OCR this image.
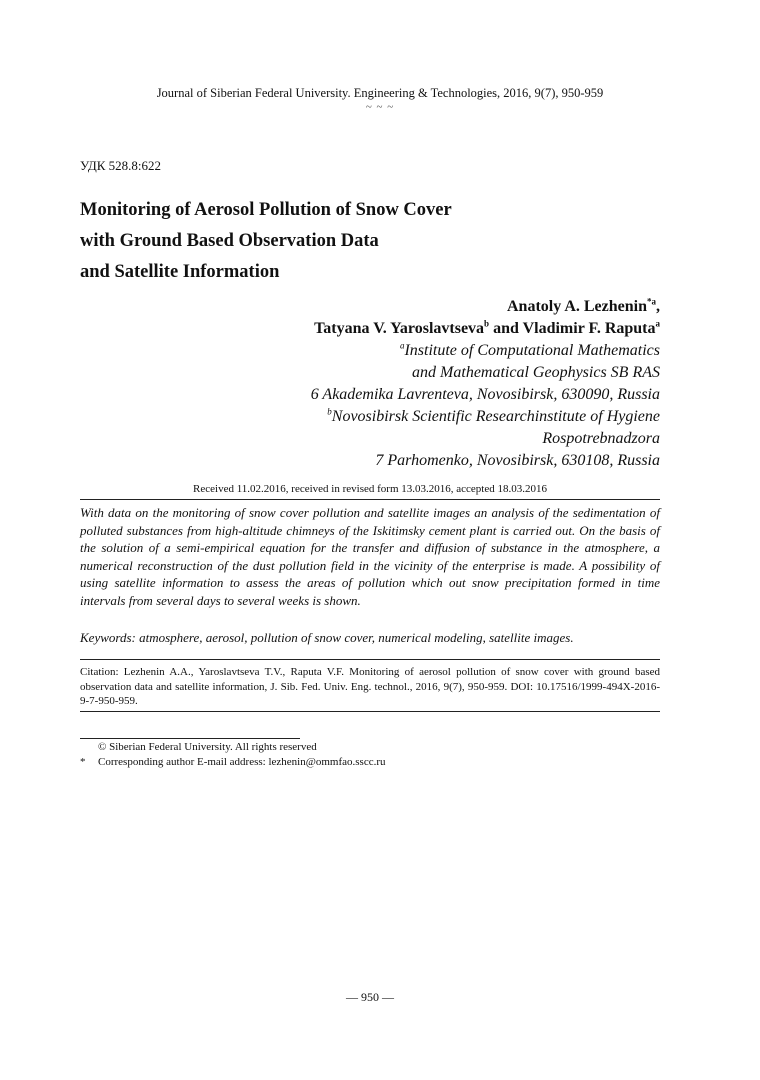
Journal of Siberian Federal University. Engineering & Technologies, 2016, 9(7), 950-959
~ ~ ~
УДК 528.8:622
Monitoring of Aerosol Pollution of Snow Cover
with Ground Based Observation Data
and Satellite Information
Anatoly A. Lezhenin$^{*a}$,
Tatyana V. Yaroslavtseva$^b$ and Vladimir F. Raputa$^a$
$^a$Institute of Computational Mathematics
and Mathematical Geophysics SB RAS
6 Akademika Lavrenteva, Novosibirsk, 630090, Russia
$^b$Novosibirsk Scientific Researchinstitute of Hygiene
Rospotrebnadzora
7 Parhomenko, Novosibirsk, 630108, Russia
Received 11.02.2016, received in revised form 13.03.2016, accepted 18.03.2016
With data on the monitoring of snow cover pollution and satellite images an analysis of the sedimentation of polluted substances from high-altitude chimneys of the Iskitimsky cement plant is carried out. On the basis of the solution of a semi-empirical equation for the transfer and diffusion of substance in the atmosphere, a numerical reconstruction of the dust pollution field in the vicinity of the enterprise is made. A possibility of using satellite information to assess the areas of pollution which out snow precipitation formed in time intervals from several days to several weeks is shown.
Keywords: atmosphere, aerosol, pollution of snow cover, numerical modeling, satellite images.
Citation: Lezhenin A.A., Yaroslavtseva T.V., Raputa V.F. Monitoring of aerosol pollution of snow cover with ground based observation data and satellite information, J. Sib. Fed. Univ. Eng. technol., 2016, 9(7), 950-959. DOI: 10.17516/1999-494X-2016-9-7-950-959.
© Siberian Federal University. All rights reserved
* Corresponding author E-mail address: lezhenin@ommfao.sscc.ru
— 950 —
